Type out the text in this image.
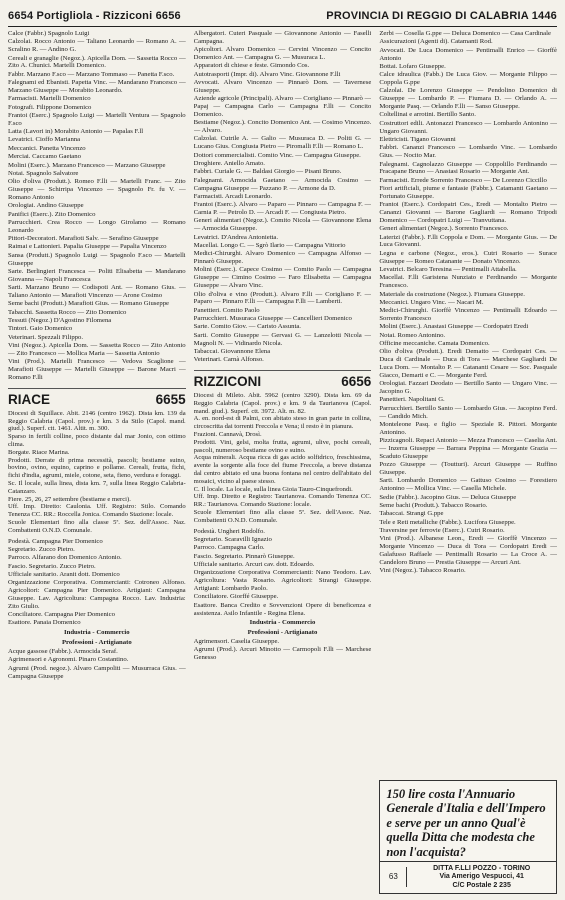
6654 Portigliola - Rizziconi 6656	PROVINCIA DI REGGIO DI CALABRIA 1446

Calce (Fabbr.) Spagnolo Luigi

Calzolai. Rocco Antonio — Taliano Leonardo — Romano A. — Scralino R. — Andino G.

Cereali e granaglie (Negoz.). Apicella Dom. — Sassetta Rocco — Zito A. Chunici. Martelli Domenico.

Fabbr. Marzano F.sco — Marzano Tommaso — Panetta F.sco.

Falegnami ed Ebanisti. Papetta Vinc. — Mandarano Francesco — Marzano Giuseppe — Morabito Leonardo.

Farmacisti. Martelli Domenico

Fotografi. Filippone Domenico

Frantoi (Eserc.) Spagnolo Luigi — Martelli Ventura — Spagnolo F.sco

Latta (Lavori in) Morabito Antonio — Papalas F.ll

Levatrici. Cioffo Marianna

Meccanici. Panetta Vincenzo

Merciai. Caccamo Gaetano

Molini (Eserc.). Marzano Francesco — Marzano Giuseppe

Notai. Spagnolo Salvatore

Olio d'oliva (Produtt.). Romeo F.lli — Martelli Franc. — Zito Giuseppe — Schirripa Vincenzo — Spagnolo Fr. fu V. — Romano Antonio

Orologiai. Andino Giuseppe

Panifici (Eserc.). Zito Domenico

Parrucchieri. Crea Rocco — Longo Girolamo — Romano Leonardo

Pittori-Decoratori. Marafioti Salv. — Serafino Giuseppe

Raimai e Lattonieri. Papalia Giuseppe — Papalia Vincenzo

Sansa (Produtt.) Spagnolo Luigi — Spagnolo F.sco — Martelli Giuseppe

Sarte. Berlingieri Francesca — Politi Elisabetta — Mandarano Giovanna — Napoli Francesca

Sarti. Marzano Bruno — Codispoti Ant. — Romano Gius. — Taliano Antonio — Marafioti Vincenzo — Arone Cosimo

Seme bachi (Produtt.) Marafioti Gius. — Romano Giuseppe

Tabacchi. Sassetta Rocco — Zito Domenico

Tessuti (Negoz.) D'Agostino Filomena

Tintori. Gaio Domenico

Veterinari. Spezzali Filippo.

Vini (Negoz.). Apicella Dom. — Sassetta Rocco — Zito Antonio — Zito Francesco — Mollica Maria — Sassetta Antonio

Vini (Prod.). Martelli Francesco — Vedova Scaglione — Marafioti Giuseppe — Martelli Giuseppe — Barone Macri — Romano F.lli

RIACE	6655

Diocesi di Squillace. Abit. 2146 (centro 1962). Dista km. 139 da Reggio Calabria (Capol. prov.) e km. 3 da Stilo (Capol. mand. giud.). Superf. ctt. 1461. Altit. m. 300.

Sparso in fertili colline, poco distante dal mar Jonio, con ottimo clima.

Borgate. Riace Marina.

Prodotti. Derrate di prima necessità, pascoli; bestiame suino, bovino, ovino, equino, caprino e pollame. Cereali, frutta, fichi, fichi d'india, agrumi, miele, cotone, seta, fieno, verdura e foraggi.

Sc. Il locale, sulla linea, dista km. 7, sulla linea Reggio Calabria-Catanzaro.

Fiere. 25, 26, 27 settembre (bestiame e merci).

Uff. Imp. Diretto: Caulonia. Uff. Registro: Stilo. Comando Tenenza CC. RR.: Roccella Jonica. Comando Stazione: locale.

Scuole Elementari fino alla classe 5ª. Sez. dell'Assoc. Naz. Combattenti O.N.D. Comunale.

Podestà. Campagna Pier Domenico

Segretario. Zucco Pietro.

Parroco. Alfarano don Domenico Antonio.

Fascio. Segretario. Zucco Pietro.

Ufficiale sanitario. Aranit dott. Domenico

Organizzazione Corporativa. Commercianti: Cotroneo Alfonso. Agricoltori: Campagna Pier Domenico. Artigiani: Campagna Giuseppe. Lav. Agricoltura: Campagna Rocco. Lav. Industria: Zito Giulio.

Conciliatore. Campagna Pier Domenico

Esattore. Panaia Domenico

Industria - Commercio
Professioni - Artigianato

Acque gassose (Fabbr.). Armocida Seraf.

Agrimensori e Agronomi. Pinaro Costantino.

Agrumi (Prod. negoz.). Alvaro Campoliti — Musurraca Gius. — Campagna Giuseppe

Albergatori. Cuteri Pasquale — Giovannone Antonio — Faselli Campagna.

Apicoltori. Alvaro Domenico — Cervini Vincenzo — Concito Domenico Ant. — Campagna G. — Musuraca L.

Apparatori di chiese e feste. Gimondo Cos.

Autotrasporti (Impr. di). Alvaro Vinc. Giovannone F.lli

Avvocati. Alvaro Vincenzo — Pinnarò Dom. — Tavernese Giuseppe.

Aziende agricole (Principali). Alvaro — Corigliano — Pinnarò — Papaj — Campagna Carlo — Campagna F.lli — Concito Domenico.

Bestiame (Negoz.). Concito Domenico Ant. — Cosimo Vincenzo. — Alvaro.

Calzolai. Cutrile A. — Galio — Musuraca D. — Politi G. — Lucano Gius. Congiusta Pietro — Piromalli F.lli — Romano L.

Dottori commercialisti. Comito Vinc. — Campagna Giuseppe.

Droghiere. Aniello Amato.

Fabbri. Curiale G. — Baldasi Giorgio — Pisani Bruno.

Falegnami. Armocida Gaetano — Armocida Cosimo — Campagna Giuseppe — Pazzano P. — Armone da D.

Farmacisti. Arcadi Leonardo.

Frantoi (Eserc.). Alvaro — Paparo — Pinnaro — Campagna F. — Carnia P. — Petrolo D. — Arcadi F. — Congiusta Pietro.

Generi alimentari (Negoz.). Comito Nicola — Giovannone Elena — Armocida Giuseppe.

Levatrici. D'Andrea Antonietta.

Macellai. Longo C. — Sgrò Ilario — Campagna Vittorio

Medici-Chirurghi. Alvaro Domenico — Campagna Alfonso — Pinnarò Giuseppe.

Molini (Eserc.). Capece Cosimo — Comito Paolo — Campagna Giuseppe — Cimino Cosimo — Faro Elisabetta — Campagna Giuseppe — Alvaro Vinc.

Olio d'oliva e vino (Produtt.). Alvaro F.lli — Corigliano F. — Paparo — Pinnaro F.lli — Campagna F.lli — Lamberti.

Panettieri. Comito Paolo

Parrucchieri. Musuraca Giuseppe — Cancellieri Domenico

Sarte. Comito Giov. — Caristo Assunta.

Sarti. Comito Giuseppe — Gervasi G. — Lanzelotti Nicola — Magnoli N. — Vidinardo Nicola.

Tabaccai. Giovannone Elena

Veterinari. Carnà Alfonso.

RIZZICONI	6656

Diocesi di Mileto. Abit. 5962 (centro 3290). Dista km. 69 da Reggio Calabria (Capol. prov.) e km. 9 da Taurianova (Capol. mand. giud.). Superf. ctt. 3972. Alt. m. 82.

A. en. nord-est di Palmi, con abitato steso in gran parte in collina, circoscritta dai torrenti Freccola e Vena; il resto è in pianura.

Frazioni. Cannavà, Drosì.

Prodotti. Vini, gelsi, molta frutta, agrumi, ulive, pochi cereali, pascoli, numeroso bestiame ovino e suino.

Acqua minerali. Acqua ricca di gas acido solfidrico, freschissima, avente la sorgente alla foce del fiume Freccola, a breve distanza dal centro abitato ed una buona fontana nel centro dell'abitato del mosaici, vicino al paese stesso.

C. Il locale. La locale, sulla linea Gioia Tauro-Cinquefrondi.

Uff. Imp. Diretto e Registro: Taurianova. Comando Tenenza CC. RR.: Taurianova. Comando Stazione: locale.

Scuole Elementari fino alla classe 5ª. Sez. dell'Assoc. Naz. Combattenti O.N.D. Comunale.

Podestà. Ungheri Rodolfo.

Segretario. Scaravilli Ignazio

Parroco. Campagna Carlo.

Fascio. Segretario. Pinnarò Giuseppe.

Ufficiale sanitario. Arcuri cav. dott. Edoardo.

Organizzazione Corporativa Commercianti: Nano Teodoro. Lav. Agricoltura: Vasta Rosario. Agricoltori: Strangi Giuseppe. Artigiani: Lombardo Paolo.

Conciliatore. Giorffé Giuseppe.

Esattore. Banca Credito e Sovvenzioni Opere di beneficenza e assistenza. Asilo Infantile - Regina Elena.

Industria - Commercio
Professioni - Artigianato

Agrimensori. Caselia Giuseppe.

Agrumi (Prod.). Arcuri Minotto — Carmopoli F.lli — Marchese Genesso

Zerbi — Cosella G.ppe — Deluca Domenico — Casa Cardinale

Assicurazioni (Agenti di). Catamanti Rod.

Avvocati. De Luca Domenico — Pentimalli Enrico — Giorffè Antonio

Bottai. Lofaro Giuseppe.

Calce idraulica (Fabb.) De Luca Giov. — Morgante Filippo — Coppola G.ppe

Calzolai. De Lorenzo Giuseppe — Pendolino Domenico di Giuseppe — Lombardo P. — Fiumara D. — Orlando A. — Morgante Pasq. — Orlando F.lli — Sanso Giuseppe.

Coltellinai e arrotini. Bertillo Santo.

Costruttori edili. Antonazzi Francesco — Lombardo Antonino — Ungaro Giovanni.

Elettricisti. Tigano Giovanni

Fabbri. Cananzi Francesco — Lombardo Vinc. — Lombardo Gius. — Nocito Mar.

Falegnami. Cagnolazzo Giuseppe — Coppolillo Ferdinando — Fracapane Bruno — Anastasi Rosario — Morgante Ant.

Farmacisti. Errede Sorrento Francesco — De Lorenzo Ciccillo

Fiori artificiali, piume e fantasie (Fabbr.). Catamanti Gaetano — Fortunato Giuseppe.

Frantoi (Eserc.). Cordopatri Ces., Eredi — Montalto Pietro — Cananzi Giovanni — Barone Gagliardi — Romano Tripodi Domenico — Cordopatri Luigi — Tranvuttana.

Generi alimentari (Negoz.). Sorrento Francesco.

Laterizi (Fabbr.). F.lli Coppola e Dom. — Morgante Gius. — De Luca Giovanni.

Legna e carbone (Negoz., eros.). Cutri Rosario — Surace Giuseppe — Romeo Catanante — Donato Vincenzo.

Levatrici. Belcaro Teresina — Pentimalli Attabella.

Macellai. F.lli Garistena Nunziato e Ferdinando — Morgante Francesco.

Materiale da costruzione (Negoz.). Fiumara Giuseppe.

Meccanici. Ungaro Vinc. — Nacari M.

Medici-Chirurghi. Giorffè Vincenzo — Pentimalli Edoardo — Sorrento Francesco

Molini (Eserc.). Anastasi Giuseppe — Cordopatri Eredi

Notai. Romeo Antonino.

Officine meccaniche. Camata Domenico.

Olio d'oliva (Produtt.). Eredi Dematto — Cordopatri Ces. — Duca di Cardinale — Duca di Tora — Marchese Gagliardi De Luca Dom. — Montalto P. — Catananti Cesare — Soc. Pasquale Giacco, Demarti e C. — Morgante Ferd.

Orologiai. Fazzari Deodato — Bertillo Santo — Ungaro Vinc. — Jacopino G.

Panettieri. Napolitani G.

Parrucchieri. Bertillo Santo — Lombardo Gius. — Jacopino Ferd. — Candido Mich.

Monteleone Pasq. e figlio — Speziale R. Pittori. Morgante Antonino.

Pizzicagnoli. Repaci Antonio — Mezza Francesco — Caselia Ant. — Inzerra Giuseppe — Barrara Peppina — Morgante Grazia — Scaduto Giuseppe

Pozzo Giuseppe — (Toutturi). Arcuri Giuseppe — Ruffino Giuseppe.

Sarti. Lombardo Domenico — Gattuso Cosimo — Forestiero Antonino — Mollica Vinc. — Casella Michele.

Sedie (Fabbr.). Jacopino Gius. — Deluca Giuseppe

Seme bachi (Produtt.). Tabacco Rosario.

Tabaccai. Strangi G.ppe

Tele e Reti metalliche (Fabbr.). Lucifora Giuseppe.

Traversine per ferrovie (Eserc.). Cutri Rosario.

Vini (Prod.). Albanese Leon., Eredi — Giorffè Vincenzo — Morgante Vincenzo — Duca di Tora — Cordopatri Eredi — Galafusso Raffaele — Pentimalli Rosario — La Croce A. — Candeloro Bruno — Prestia Giuseppe — Arcuri Ant.

Vini (Negoz.). Tabacco Rosario.

150 lire costa l'Annuario Generale d'Italia e dell'Impero e serve per un anno Qual'è quella Ditta che modesta che non l'acquista?
63
DITTA F.LLI POZZO - TORINO
Via Amerigo Vespucci, 41
C/C Postale 2 235
